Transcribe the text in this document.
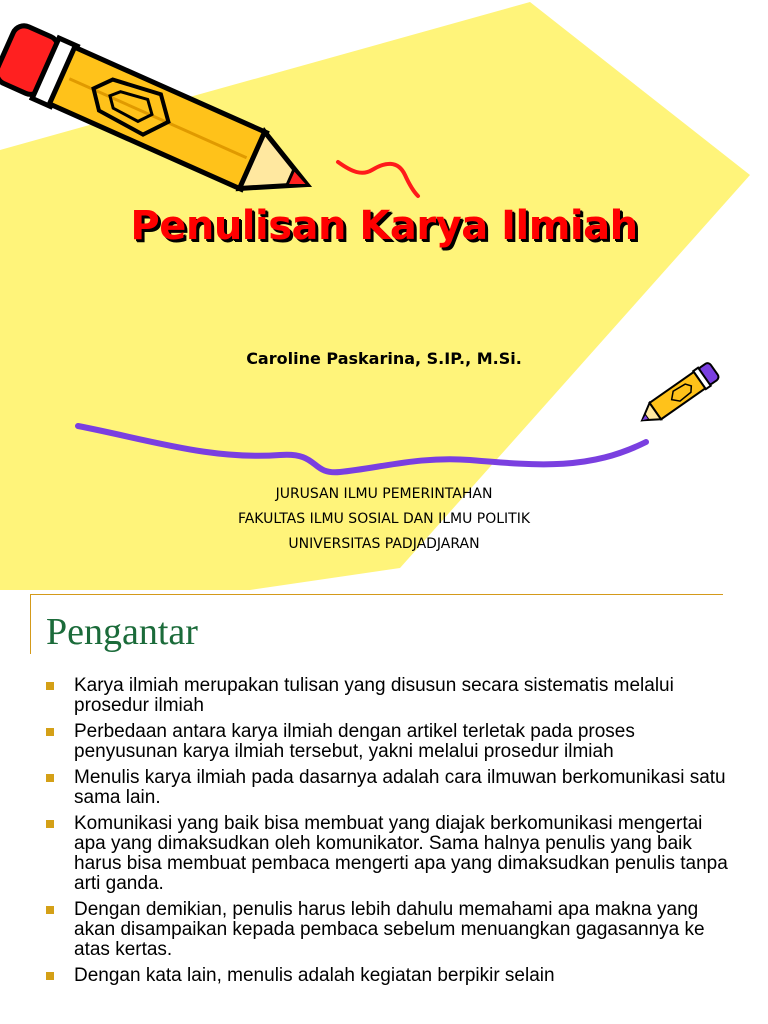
Penulisan Karya Ilmiah
Caroline Paskarina, S.IP., M.Si.
JURUSAN ILMU PEMERINTAHAN
FAKULTAS ILMU SOSIAL DAN ILMU POLITIK
UNIVERSITAS PADJADJARAN
Pengantar
Karya ilmiah merupakan tulisan yang disusun secara sistematis melalui prosedur ilmiah
Perbedaan antara karya ilmiah dengan artikel terletak pada proses penyusunan karya ilmiah tersebut, yakni melalui prosedur ilmiah
Menulis karya ilmiah pada dasarnya adalah cara ilmuwan berkomunikasi satu sama lain.
Komunikasi yang baik bisa membuat yang diajak berkomunikasi mengertai apa yang dimaksudkan oleh komunikator. Sama halnya penulis yang baik harus bisa membuat pembaca mengerti apa yang dimaksudkan penulis tanpa arti ganda.
Dengan demikian, penulis harus lebih dahulu memahami apa makna yang akan disampaikan kepada pembaca sebelum menuangkan gagasannya ke atas kertas.
Dengan kata lain, menulis adalah kegiatan berpikir selain
